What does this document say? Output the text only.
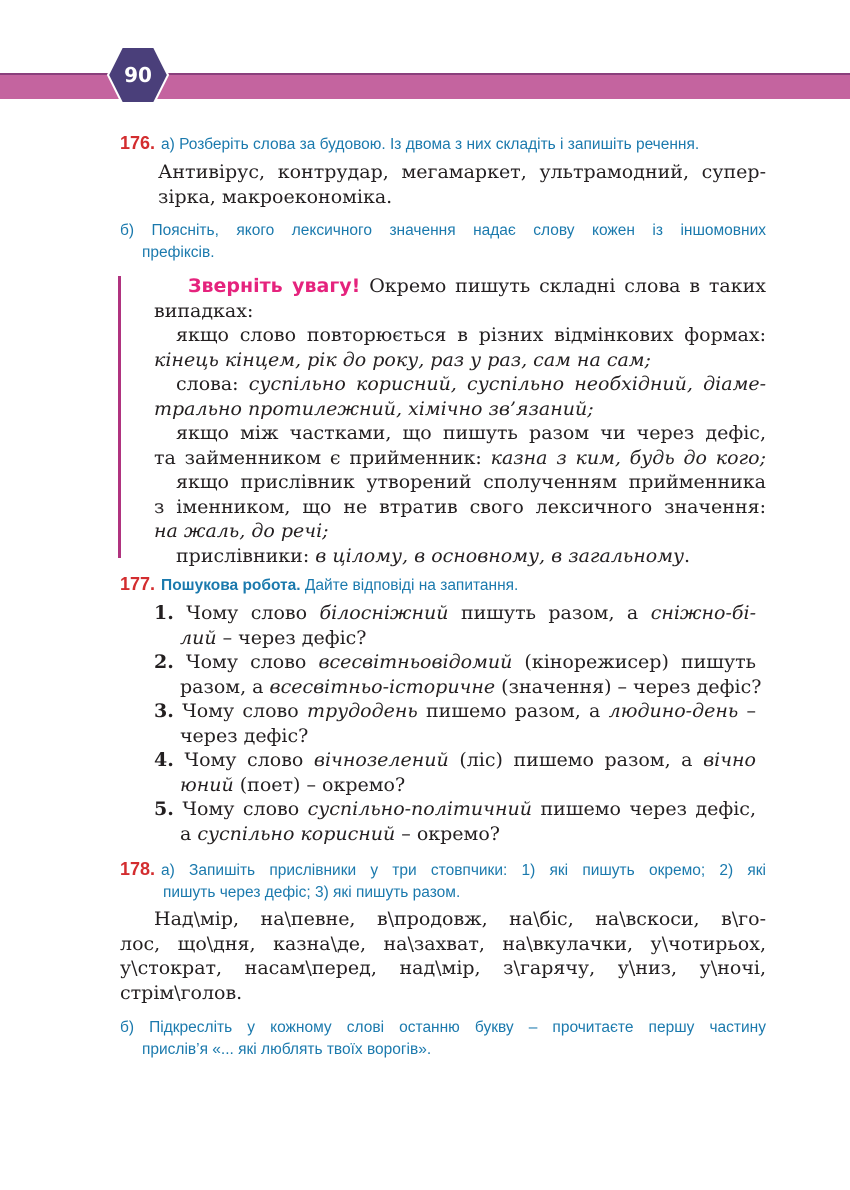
90
176. а) Розберіть слова за будовою. Із двома з них складіть і запишіть речення.
Антивірус, контрудар, мегамаркет, ультрамодний, супер-
зірка, макроекономіка.
б) Поясніть, якого лексичного значення надає слову кожен із іншомовних
префіксів.
Зверніть увагу! Окремо пишуть складні слова в таких
випадках:

якщо слово повторюється в різних відмінкових формах:
кінець кінцем, рік до року, раз у раз, сам на сам;

слова: суспільно корисний, суспільно необхідний, діаме-
трально протилежний, хімічно зв’язаний;

якщо між частками, що пишуть разом чи через дефіс,
та займенником є прийменник: казна з ким, будь до кого;
якщо прислівник утворений сполученням прийменника
з іменником, що не втратив свого лексичного значення:
на жаль, до речі;
прислівники: в цілому, в основному, в загальному.
177. Пошукова робота. Дайте відповіді на запитання.
1. Чому слово білосніжний пишуть разом, а сніжно-бі-
лий – через дефіс?

2. Чому слово всесвітньовідомий (кінорежисер) пишуть
разом, а всесвітньо-історичне (значення) – через дефіс?

3. Чому слово трудодень пишемо разом, а людино-день –
через дефіс?

4. Чому слово вічнозелений (ліс) пишемо разом, а вічно
юний (поет) – окремо?

5. Чому слово суспільно-політичний пишемо через дефіс,
а суспільно корисний – окремо?
178. а) Запишіть прислівники у три стовпчики: 1) які пишуть окремо; 2) які
пишуть через дефіс; 3) які пишуть разом.
Над\мір, на\певне, в\продовж, на\біс, на\вскоси, в\го-
лос, що\дня, казна\де, на\захват, на\вкулачки, у\чотирьох,
у\стократ, насам\перед, над\мір, з\гарячу, у\низ, у\ночі,
стрім\голов.
б) Підкресліть у кожному слові останню букву – прочитаєте першу частину
прислів’я «... які люблять твоїх ворогів».
